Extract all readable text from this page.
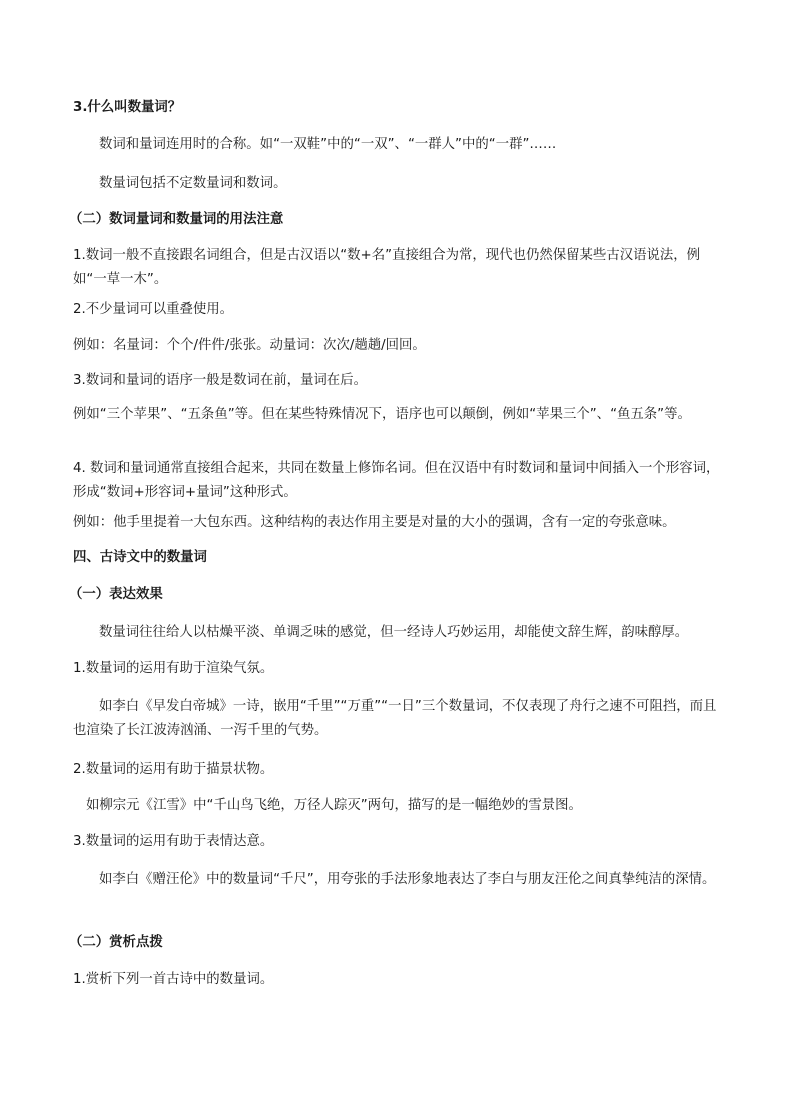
3.什么叫数量词？

数词和量词连用时的合称。如“一双鞋”中的“一双”、“一群人”中的“一群”……

数量词包括不定数量词和数词。

（二）数词量词和数量词的用法注意

1.数词一般不直接跟名词组合，但是古汉语以“数+名”直接组合为常，现代也仍然保留某些古汉语说法，例如“一草一木”。

2.不少量词可以重叠使用。

例如：名量词：个个/件件/张张。动量词：次次/趟趟/回回。

3.数词和量词的语序一般是数词在前，量词在后。

例如“三个苹果”、“五条鱼”等。但在某些特殊情况下，语序也可以颠倒，例如“苹果三个”、“鱼五条”等。

4. 数词和量词通常直接组合起来，共同在数量上修饰名词。但在汉语中有时数词和量词中间插入一个形容词，形成“数词+形容词+量词”这种形式。

例如：他手里提着一大包东西。这种结构的表达作用主要是对量的大小的强调，含有一定的夸张意味。

四、古诗文中的数量词

（一）表达效果

数量词往往给人以枯燥平淡、单调乏味的感觉，但一经诗人巧妙运用，却能使文辞生辉，韵味醇厚。

1.数量词的运用有助于渲染气氛。

如李白《早发白帝城》一诗，嵌用“千里”“万重”“一日”三个数量词，不仅表现了舟行之速不可阻挡，而且也渲染了长江波涛汹涌、一泻千里的气势。

2.数量词的运用有助于描景状物。

如柳宗元《江雪》中“千山鸟飞绝，万径人踪灭”两句，描写的是一幅绝妙的雪景图。

3.数量词的运用有助于表情达意。

如李白《赠汪伦》中的数量词“千尺”，用夸张的手法形象地表达了李白与朋友汪伦之间真挚纯洁的深情。

（二）赏析点拨

1.赏析下列一首古诗中的数量词。
